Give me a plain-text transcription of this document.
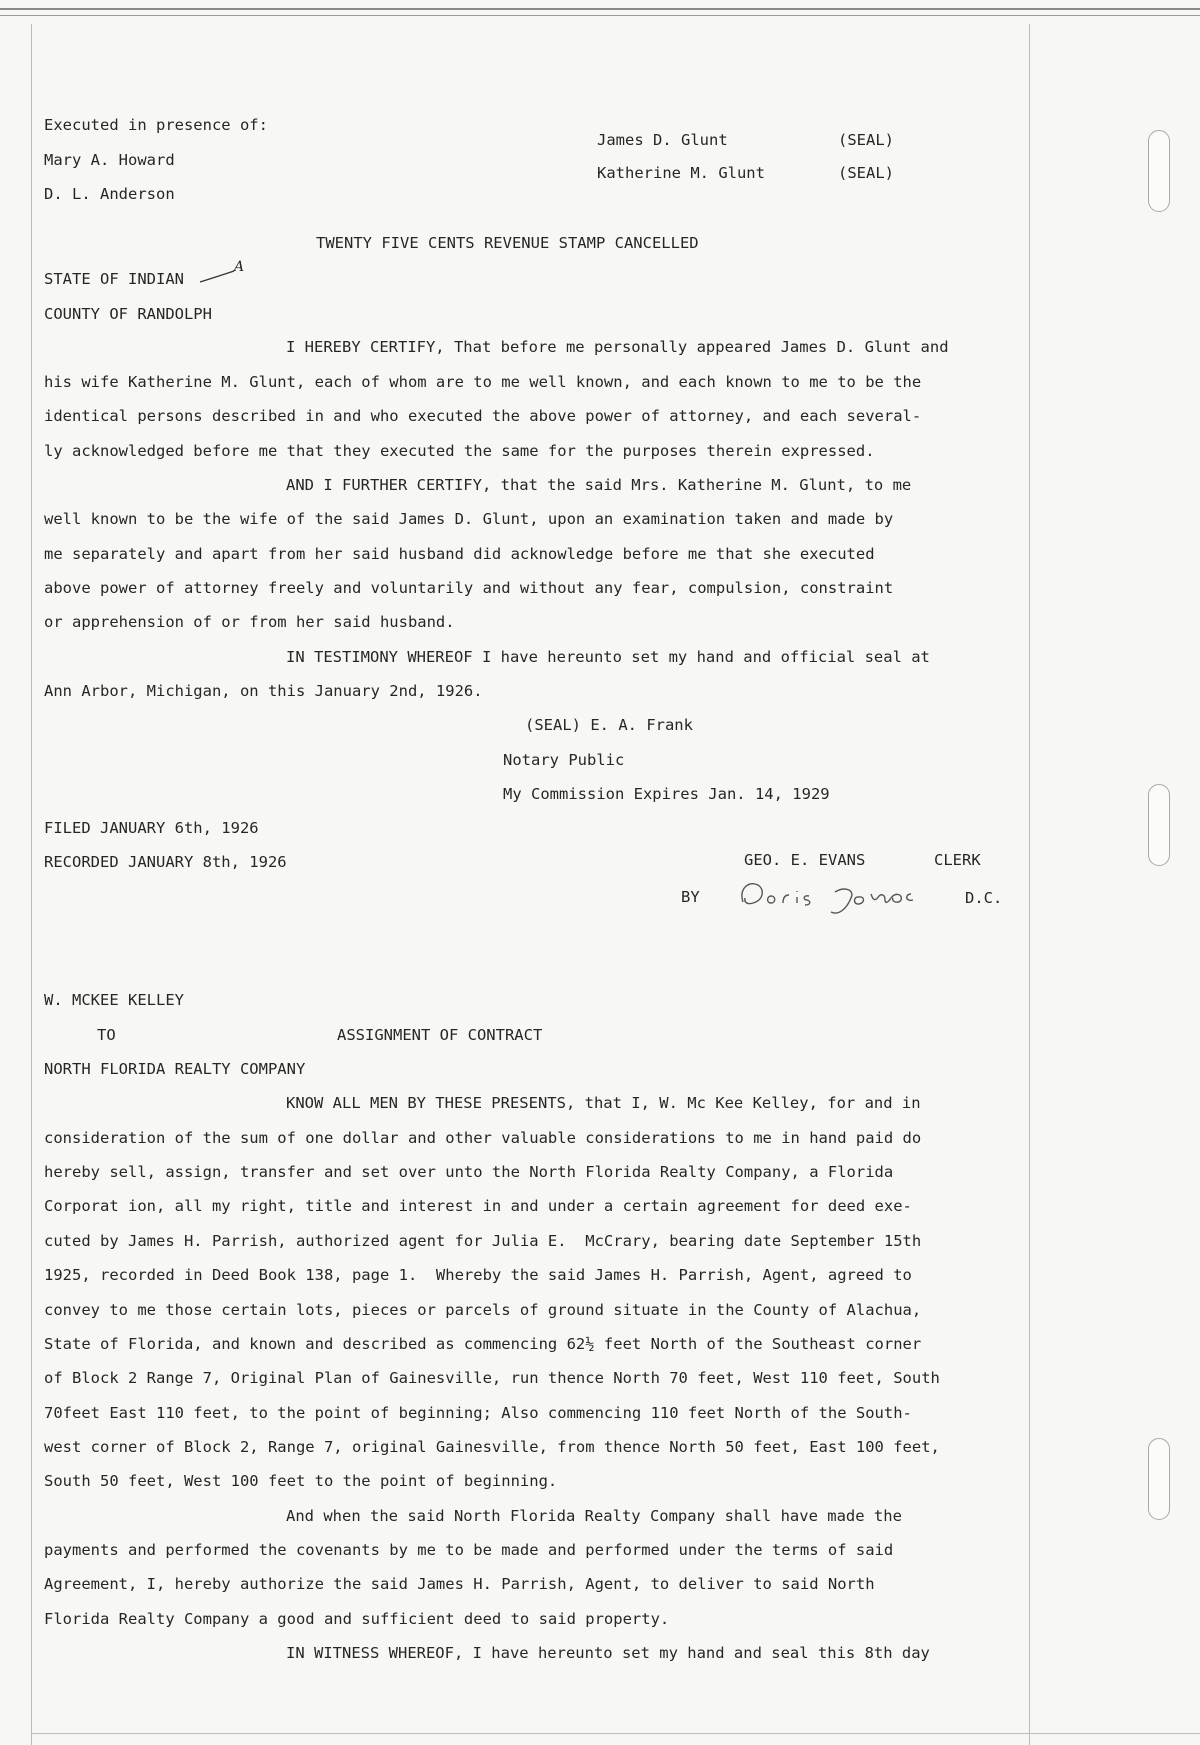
Executed in presence of:
Mary A. Howard
D. L. Anderson
James D. Glunt	(SEAL)
Katherine M. Glunt	(SEAL)
TWENTY FIVE CENTS REVENUE STAMP CANCELLED
STATE OF INDIAN
A
COUNTY OF RANDOLPH
I HEREBY CERTIFY, That before me personally appeared James D. Glunt and
his wife Katherine M. Glunt, each of whom are to me well known, and each known to me to be the
identical persons described in and who executed the above power of attorney, and each several-
ly acknowledged before me that they executed the same for the purposes therein expressed.
AND I FURTHER CERTIFY, that the said Mrs. Katherine M. Glunt, to me
well known to be the wife of the said James D. Glunt, upon an examination taken and made by
me separately and apart from her said husband did acknowledge before me that she executed
above power of attorney freely and voluntarily and without any fear, compulsion, constraint
or apprehension of or from her said husband.
IN TESTIMONY WHEREOF I have hereunto set my hand and official seal at
Ann Arbor, Michigan, on this January 2nd, 1926.
(SEAL) E. A. Frank
Notary Public
My Commission Expires Jan. 14, 1929
FILED JANUARY 6th, 1926
RECORDED JANUARY 8th, 1926	GEO. E. EVANS	CLERK
BY	D.C.
W. MCKEE KELLEY
TO	ASSIGNMENT OF CONTRACT
NORTH FLORIDA REALTY COMPANY
KNOW ALL MEN BY THESE PRESENTS, that I, W. Mc Kee Kelley, for and in
consideration of the sum of one dollar and other valuable considerations to me in hand paid do
hereby sell, assign, transfer and set over unto the North Florida Realty Company, a Florida
Corporat ion, all my right, title and interest in and under a certain agreement for deed exe-
cuted by James H. Parrish, authorized agent for Julia E.  McCrary, bearing date September 15th
1925, recorded in Deed Book 138, page 1.  Whereby the said James H. Parrish, Agent, agreed to
convey to me those certain lots, pieces or parcels of ground situate in the County of Alachua,
State of Florida, and known and described as commencing 62½ feet North of the Southeast corner
of Block 2 Range 7, Original Plan of Gainesville, run thence North 70 feet, West 110 feet, South
70feet East 110 feet, to the point of beginning; Also commencing 110 feet North of the South-
west corner of Block 2, Range 7, original Gainesville, from thence North 50 feet, East 100 feet,
South 50 feet, West 100 feet to the point of beginning.
And when the said North Florida Realty Company shall have made the
payments and performed the covenants by me to be made and performed under the terms of said
Agreement, I, hereby authorize the said James H. Parrish, Agent, to deliver to said North
Florida Realty Company a good and sufficient deed to said property.
IN WITNESS WHEREOF, I have hereunto set my hand and seal this 8th day
